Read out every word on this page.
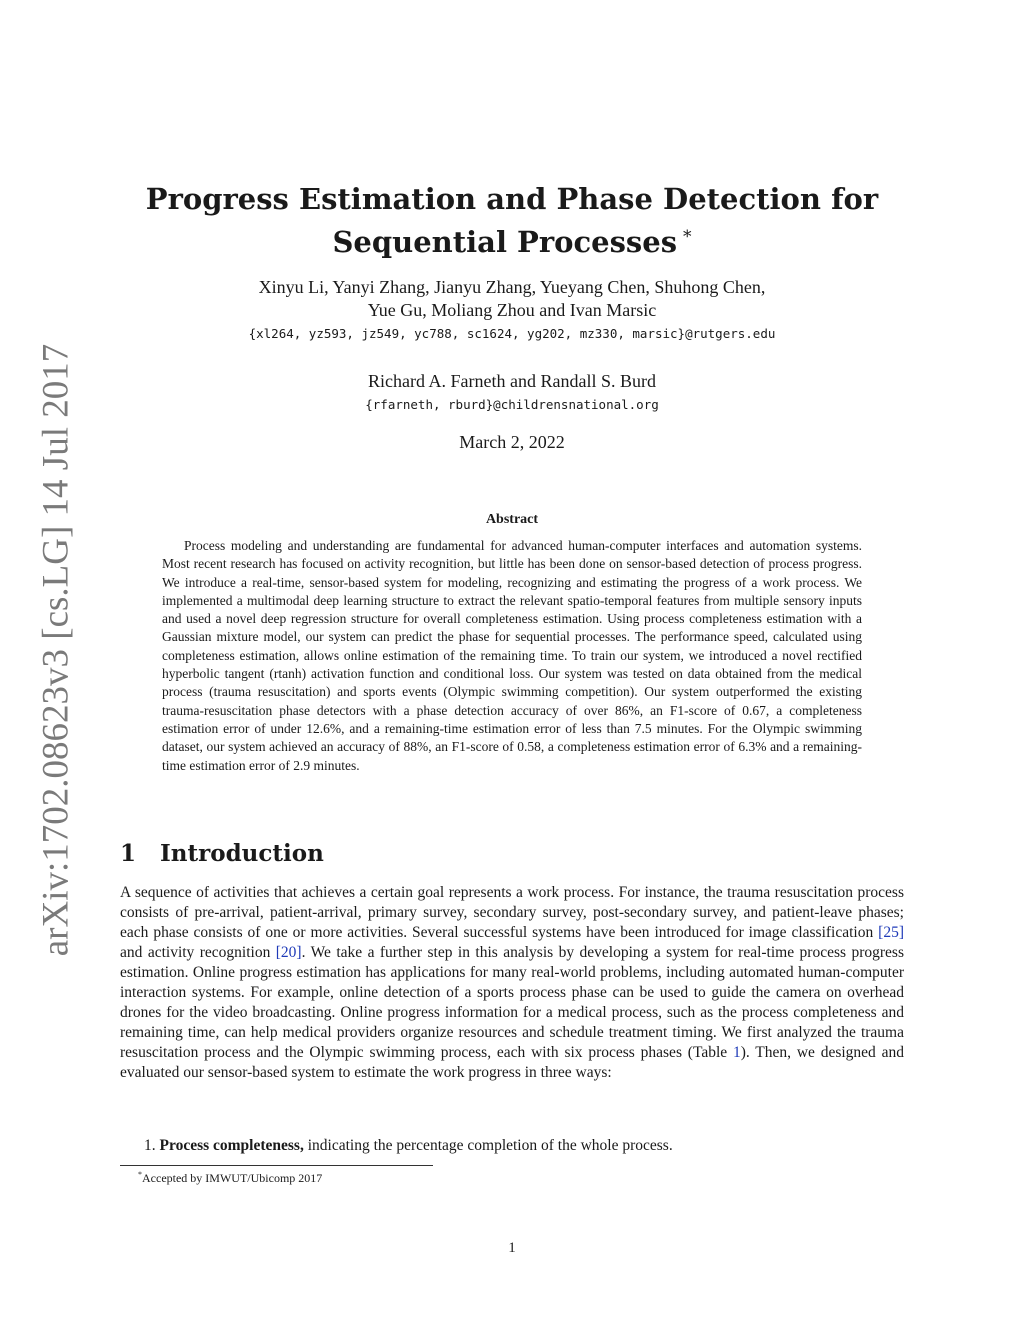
arXiv:1702.08623v3 [cs.LG] 14 Jul 2017
Progress Estimation and Phase Detection for
Sequential Processes *
Xinyu Li, Yanyi Zhang, Jianyu Zhang, Yueyang Chen, Shuhong Chen,
Yue Gu, Moliang Zhou and Ivan Marsic
{xl264, yz593, jz549, yc788, sc1624, yg202, mz330, marsic}@rutgers.edu
Richard A. Farneth and Randall S. Burd
{rfarneth, rburd}@childrensnational.org
March 2, 2022
Abstract

Process modeling and understanding are fundamental for advanced human-computer interfaces and automation systems. Most recent research has focused on activity recognition, but little has been done on sensor-based detection of process progress. We introduce a real-time, sensor-based system for modeling, recognizing and estimating the progress of a work process. We implemented a multimodal deep learning structure to extract the relevant spatio-temporal features from multiple sensory inputs and used a novel deep regression structure for overall completeness estimation. Using process completeness estimation with a Gaussian mixture model, our system can predict the phase for sequential processes. The performance speed, calculated using completeness estimation, allows online estimation of the remaining time. To train our system, we introduced a novel rectified hyperbolic tangent (rtanh) activation function and conditional loss. Our system was tested on data obtained from the medical process (trauma resuscitation) and sports events (Olympic swimming competition). Our system outperformed the existing trauma-resuscitation phase detectors with a phase detection accuracy of over 86%, an F1-score of 0.67, a completeness estimation error of under 12.6%, and a remaining-time estimation error of less than 7.5 minutes. For the Olympic swimming dataset, our system achieved an accuracy of 88%, an F1-score of 0.58, a completeness estimation error of 6.3% and a remaining-time estimation error of 2.9 minutes.

1 Introduction

A sequence of activities that achieves a certain goal represents a work process. For instance, the trauma resuscitation process consists of pre-arrival, patient-arrival, primary survey, secondary survey, post-secondary survey, and patient-leave phases; each phase consists of one or more activities. Several successful systems have been introduced for image classification [25] and activity recognition [20]. We take a further step in this analysis by developing a system for real-time process progress estimation. Online progress estimation has applications for many real-world problems, including automated human-computer interaction systems. For example, online detection of a sports process phase can be used to guide the camera on overhead drones for the video broadcasting. Online progress information for a medical process, such as the process completeness and remaining time, can help medical providers organize resources and schedule treatment timing. We first analyzed the trauma resuscitation process and the Olympic swimming process, each with six process phases (Table 1). Then, we designed and evaluated our sensor-based system to estimate the work progress in three ways:

1. Process completeness, indicating the percentage completion of the whole process.
*Accepted by IMWUT/Ubicomp 2017
1
